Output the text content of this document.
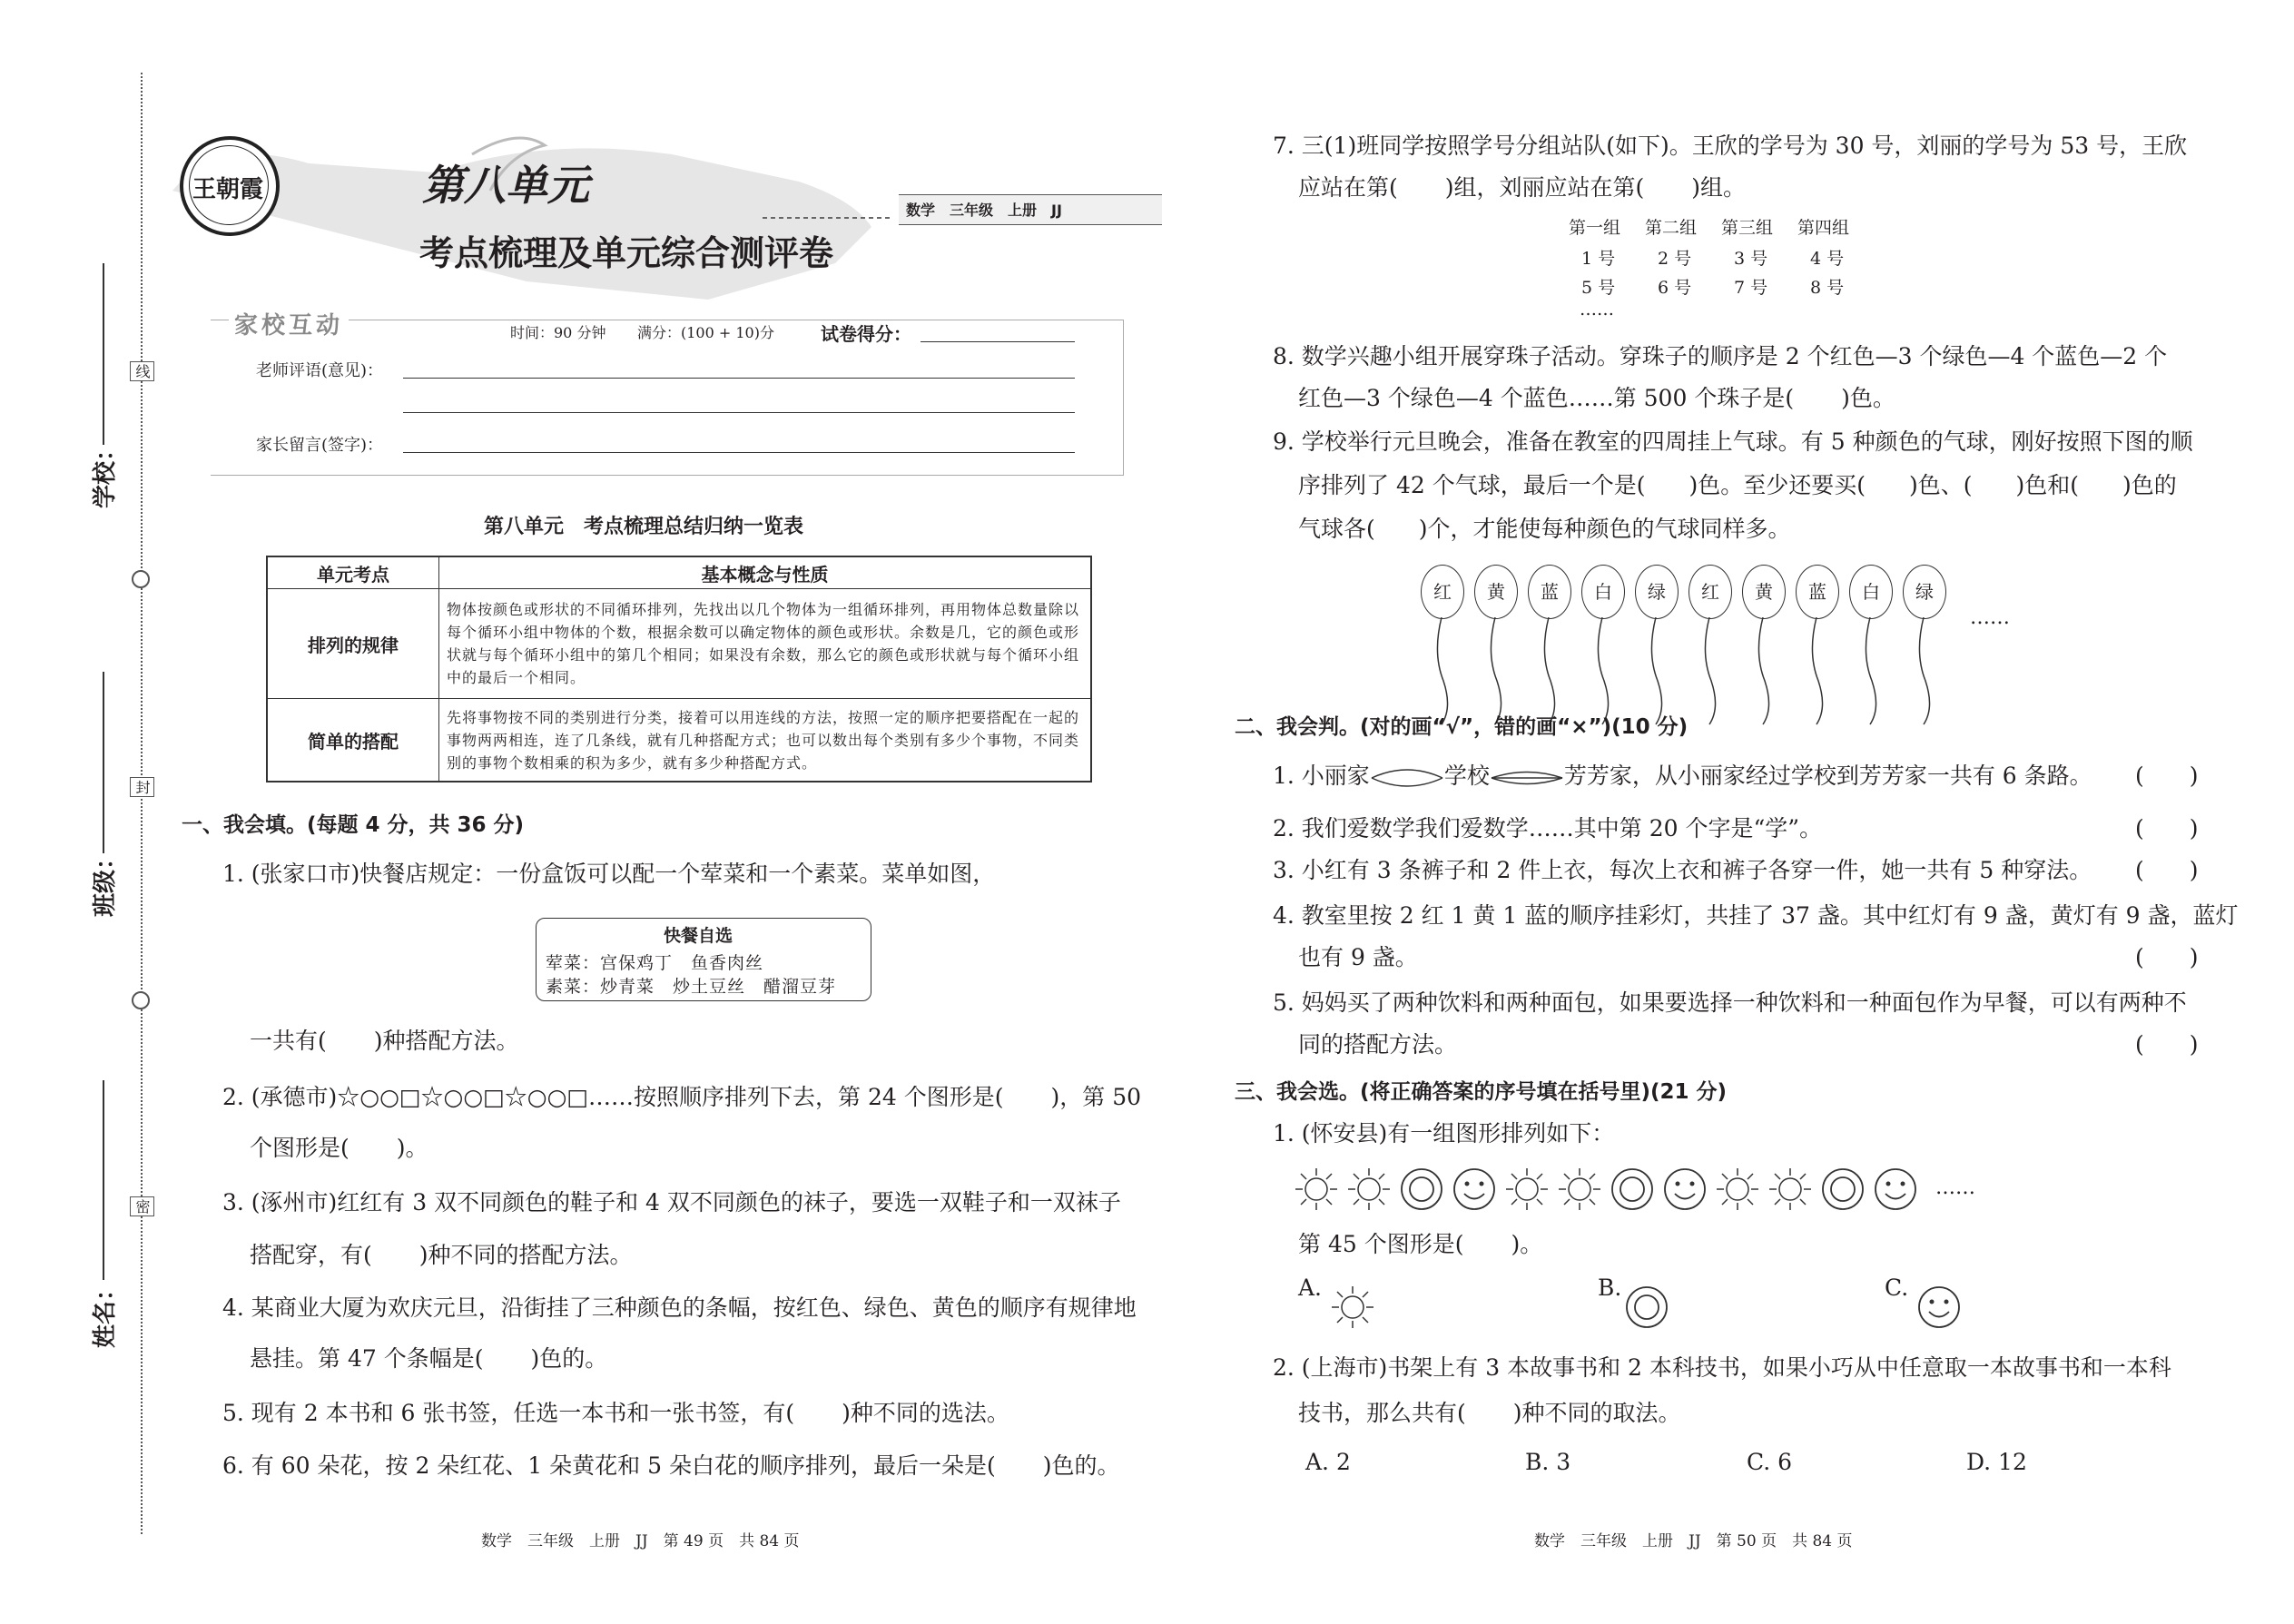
线
封
密
学校：
班级：
姓名：
王朝霞	第八单元
考点梳理及单元综合测评卷
数学　三年级　上册　JJ
家校互动	时间：90 分钟 满分：(100 + 10)分	试卷得分：
老师评语(意见)：
家长留言(签字)：
第八单元　考点梳理总结归纳一览表
单元考点	基本概念与性质
排列的规律	物体按颜色或形状的不同循环排列，先找出以几个物体为一组循环排列，再用物体总数量除以每个循环小组中物体的个数，根据余数可以确定物体的颜色或形状。余数是几，它的颜色或形状就与每个循环小组中的第几个相同；如果没有余数，那么它的颜色或形状就与每个循环小组中的最后一个相同。
简单的搭配	先将事物按不同的类别进行分类，接着可以用连线的方法，按照一定的顺序把要搭配在一起的事物两两相连，连了几条线，就有几种搭配方式；也可以数出每个类别有多少个事物，不同类别的事物个数相乘的积为多少，就有多少种搭配方式。
一、我会填。(每题 4 分，共 36 分)
1. (张家口市)快餐店规定：一份盒饭可以配一个荤菜和一个素菜。菜单如图，
快餐自选
荤菜：宫保鸡丁　鱼香肉丝
素菜：炒青菜　炒土豆丝　醋溜豆芽
一共有( )种搭配方法。
2. (承德市)☆○○□☆○○□☆○○□……按照顺序排列下去，第 24 个图形是( )，第 50
个图形是( )。
3. (涿州市)红红有 3 双不同颜色的鞋子和 4 双不同颜色的袜子，要选一双鞋子和一双袜子
搭配穿，有( )种不同的搭配方法。
4. 某商业大厦为欢庆元旦，沿街挂了三种颜色的条幅，按红色、绿色、黄色的顺序有规律地
悬挂。第 47 个条幅是( )色的。
5. 现有 2 本书和 6 张书签，任选一本书和一张书签，有( )种不同的选法。
6. 有 60 朵花，按 2 朵红花、1 朵黄花和 5 朵白花的顺序排列，最后一朵是( )色的。
7. 三(1)班同学按照学号分组站队(如下)。王欣的学号为 30 号，刘丽的学号为 53 号，王欣
应站在第( )组，刘丽应站在第( )组。
第一组 第二组 第三组 第四组
1 号 2 号 3 号 4 号
5 号 6 号 7 号 8 号
……
8. 数学兴趣小组开展穿珠子活动。穿珠子的顺序是 2 个红色—3 个绿色—4 个蓝色—2 个
红色—3 个绿色—4 个蓝色……第 500 个珠子是( )色。
9. 学校举行元旦晚会，准备在教室的四周挂上气球。有 5 种颜色的气球，刚好按照下图的顺
序排列了 42 个气球，最后一个是( )色。至少还要买( )色、( )色和( )色的
气球各( )个，才能使每种颜色的气球同样多。
红	黄	蓝	白	绿	红	黄	蓝	白	绿
……
二、我会判。(对的画“√”，错的画“×”)(10 分)
1. 小丽家	学校	芳芳家，从小丽家经过学校到芳芳家一共有 6 条路。 (　　)
2. 我们爱数学我们爱数学……其中第 20 个字是“学”。	(　　)
3. 小红有 3 条裤子和 2 件上衣，每次上衣和裤子各穿一件，她一共有 5 种穿法。 (　　)
4. 教室里按 2 红 1 黄 1 蓝的顺序挂彩灯，共挂了 37 盏。其中红灯有 9 盏，黄灯有 9 盏，蓝灯
也有 9 盏。	(　　)
5. 妈妈买了两种饮料和两种面包，如果要选择一种饮料和一种面包作为早餐，可以有两种不
同的搭配方法。	(　　)
三、我会选。(将正确答案的序号填在括号里)(21 分)
1. (怀安县)有一组图形排列如下：
……
第 45 个图形是( )。
A.	B.	C.
2. (上海市)书架上有 3 本故事书和 2 本科技书，如果小巧从中任意取一本故事书和一本科
技书，那么共有( )种不同的取法。
A. 2	B. 3	C. 6	D. 12
数学　三年级　上册　JJ　第 49 页　共 84 页	数学　三年级　上册　JJ　第 50 页　共 84 页
